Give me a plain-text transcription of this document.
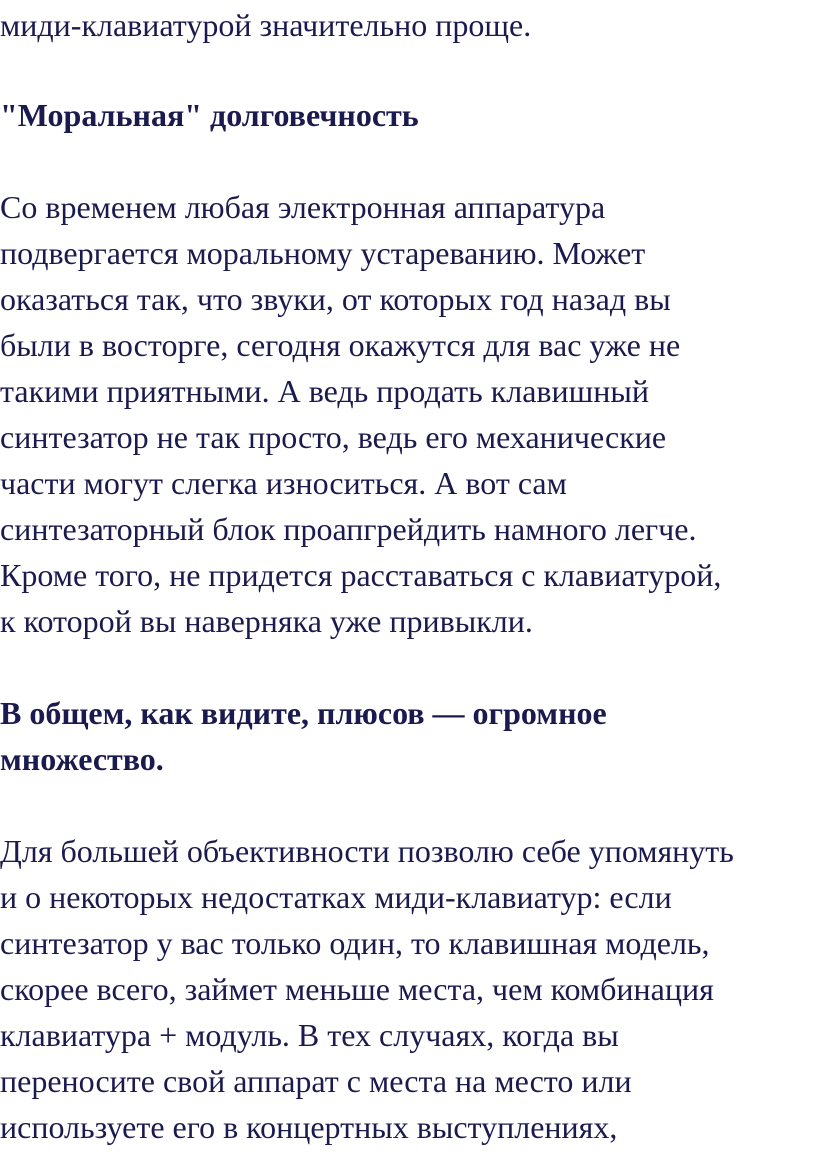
миди-клавиатурой значительно проще.
"Моральная" долговечность
Со временем любая электронная аппаратура
подвергается моральному устареванию. Может
оказаться так, что звуки, от которых год назад вы
были в восторге, сегодня окажутся для вас уже не
такими приятными. А ведь продать клавишный
синтезатор не так просто, ведь его механические
части могут слегка износиться. А вот сам
синтезаторный блок проапгрейдить намного легче.
Кроме того, не придется расставаться с клавиатурой,
к которой вы наверняка уже привыкли.
В общем, как видите, плюсов — огромное
множество.
Для большей объективности позволю себе упомянуть
и о некоторых недостатках миди-клавиатур: если
синтезатор у вас только один, то клавишная модель,
скорее всего, займет меньше места, чем комбинация
клавиатура + модуль. В тех случаях, когда вы
переносите свой аппарат с места на место или
используете его в концертных выступлениях,
